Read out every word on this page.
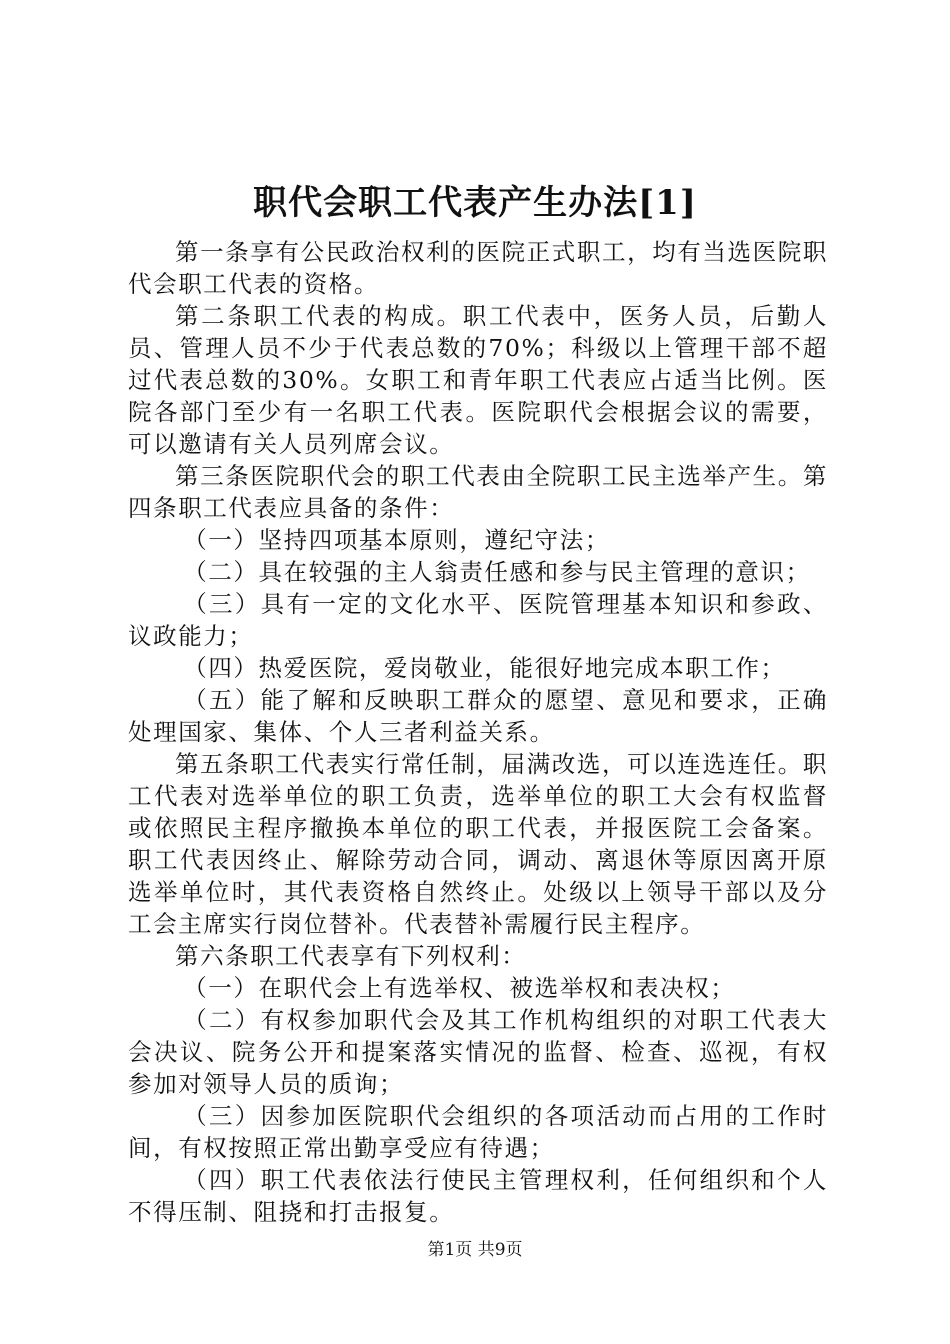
职代会职工代表产生办法[1]

第一条享有公民政治权利的医院正式职工，均有当选医院职代会职工代表的资格。

第二条职工代表的构成。职工代表中，医务人员，后勤人员、管理人员不少于代表总数的70%；科级以上管理干部不超过代表总数的30%。女职工和青年职工代表应占适当比例。医院各部门至少有一名职工代表。医院职代会根据会议的需要，可以邀请有关人员列席会议。

第三条医院职代会的职工代表由全院职工民主选举产生。第四条职工代表应具备的条件：

（一）坚持四项基本原则，遵纪守法；

（二）具在较强的主人翁责任感和参与民主管理的意识；

（三）具有一定的文化水平、医院管理基本知识和参政、议政能力；

（四）热爱医院，爱岗敬业，能很好地完成本职工作；

（五）能了解和反映职工群众的愿望、意见和要求，正确处理国家、集体、个人三者利益关系。

第五条职工代表实行常任制，届满改选，可以连选连任。职工代表对选举单位的职工负责，选举单位的职工大会有权监督或依照民主程序撤换本单位的职工代表，并报医院工会备案。职工代表因终止、解除劳动合同，调动、离退休等原因离开原选举单位时，其代表资格自然终止。处级以上领导干部以及分工会主席实行岗位替补。代表替补需履行民主程序。

第六条职工代表享有下列权利：

（一）在职代会上有选举权、被选举权和表决权；

（二）有权参加职代会及其工作机构组织的对职工代表大会决议、院务公开和提案落实情况的监督、检查、巡视，有权参加对领导人员的质询；

（三）因参加医院职代会组织的各项活动而占用的工作时间，有权按照正常出勤享受应有待遇；

（四）职工代表依法行使民主管理权利，任何组织和个人不得压制、阻挠和打击报复。

第1页 共9页
